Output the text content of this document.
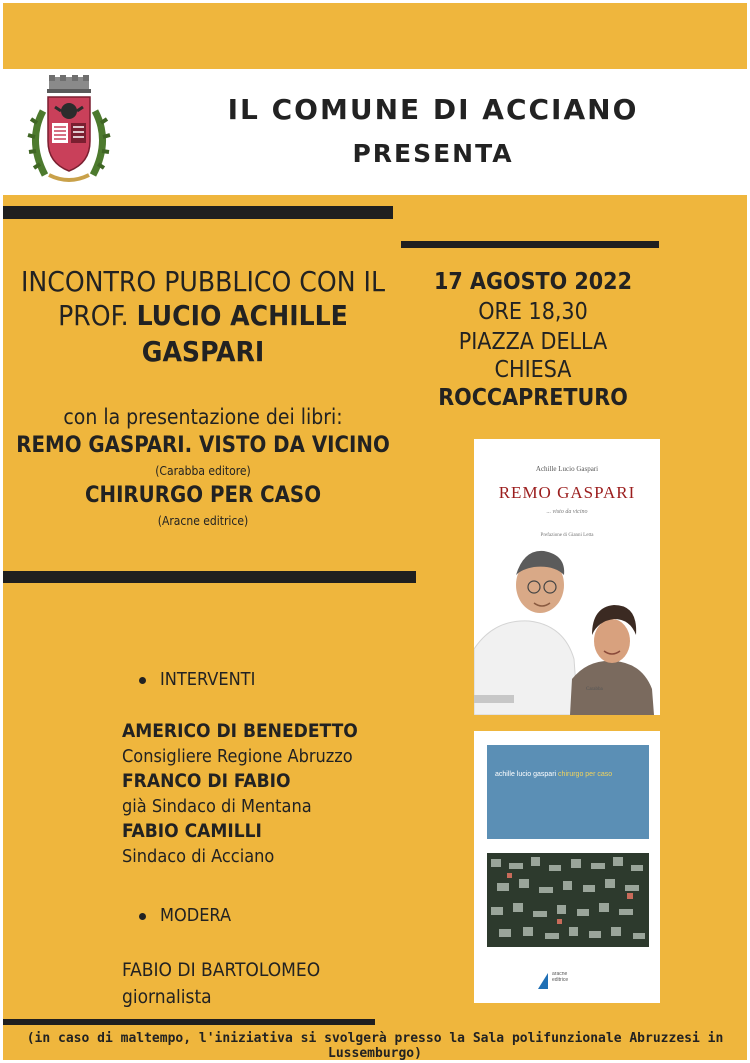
IL COMUNE DI ACCIANO
PRESENTA
INCONTRO PUBBLICO CON IL
PROF. LUCIO ACHILLE
GASPARI
con la presentazione dei libri:
REMO GASPARI. VISTO DA VICINO
(Carabba editore)
CHIRURGO PER CASO
(Aracne editrice)
17 AGOSTO 2022
ORE 18,30
PIAZZA DELLA
CHIESA
ROCCAPRETURO
INTERVENTI
AMERICO DI BENEDETTO
Consigliere Regione Abruzzo
FRANCO DI FABIO
già Sindaco di Mentana
FABIO CAMILLI
Sindaco di Acciano
MODERA
FABIO DI BARTOLOMEO
giornalista
(in caso di maltempo, l'iniziativa si svolgerà presso la Sala polifunzionale Abruzzesi in Lussemburgo)
Achille Lucio Gaspari
REMO GASPARI
... visto da vicino
Prefazione di Gianni Letta
Carabba
achille lucio gaspari chirurgo per caso
aracne
editrice
